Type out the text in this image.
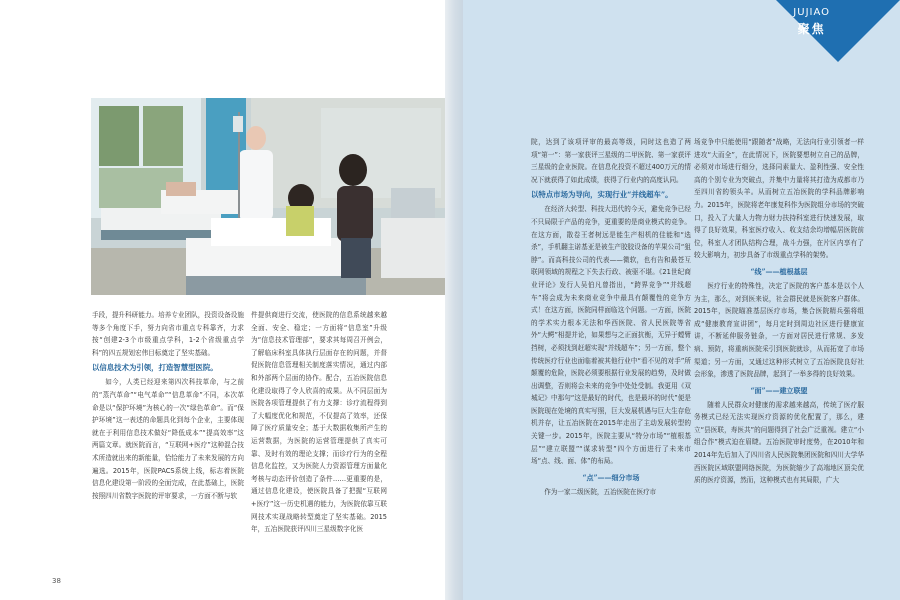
手段，提升科研能力。培养专业团队，投资设备设施等多个角度下手，努力向省市重点专科靠齐，力求按“创建2-3个市级重点学科，1-2个省级重点学科”的四五规划宏伟目标奠定了坚实基础。

以信息技术为引领，打造智慧型医院。

如今，人类已经迎来第四次科技革命，与之前的“蒸汽革命”“电气革命”“信息革命”不同，本次革命是以“保护环境”为核心的一次“绿色革命”。而“保护环境”这一表述的命题具化到每个企业，主要体现就在于利用信息技术做好“降低成本”“提高效率”这两篇文章。就医院而言，“互联网+医疗”这种混合技术所造就出来的新能量，恰恰能力了未来发展的方向遍选。2015年，医院PACS系统上线，标志着医院信息化建设第一阶段的全面完成，在此基础上，医院按照四川省数字医院的评审要求，一方面不断与软

件提供商进行交流，使医院的信息系统越来越全面、安全、稳定；一方面将“信息室”升级为“信息技术管理部”，要求其每周召开例会，了解临床科室具体执行层面存在的问题，并督促医院信息管理相关制度落实情况，通过内部和外部两个层面的协作。配合，五冶医院信息化建设取得了令人欣喜的成果。从不同层面为医院各项管理提供了有力支撑：诊疗流程得到了大幅度优化和规范，不仅提高了效率，还保障了医疗质量安全；基于大数据收集所产生的运营数据，为医院的运营管理提供了真实可靠、及时有效的理论支撑；而诊疗行为的全程信息化监控，又为医院人力资源管理方面量化考核与动态评价创造了条件……更重要的是，通过信息化建设，使医院具备了把握“互联网+医疗”这一历史机遇的能力，为医院依靠互联网技术实现战略转型奠定了坚实基础。2015年，五冶医院获评四川三星级数字化医

38
JUJIAO
聚焦

院，达到了该项评审的最高等级，同时这也造了两项“第一”：第一家获评三星级的二甲医院、第一家获评三星级的企业医院。在信息化投资不超过400万元的情况下就获得了如此成绩，获得了行业内的高度认同。

以特点市场为导向，实现行业“并线超车”。

在经济大转型、科技大迅代的今天，避免竞争已经不只局限于产品的竞争，更重要的是商业模式的竞争。在这方面，散卷王者树远是能生产相机的佳能和“选杀”，手机翻主诺基亚是被生产胶胶设备的苹果公司“狙脖”。而高科技公司的代表——微软，也有告和最苍互联网领域的规程之下失去行政、被驱不堪。《21世纪商业评论》发行人吴伯凡曾指出，“跨界竞争”“并线超车”将会成为未来商业竞争中最具有颠覆性的竞争方式！在这方面，医院同样面临这个问题。一方面，医院的学术实力根本无法和华西医院、省人民医院等省外“大鳄”相提并论，如果想与之正面抗衡，无异于螳臂挡树，必须找到赶超实现“并线超车”；另一方面，整个传统医疗行业也面临着被其他行业中“看不见的对手”所颠覆的危险，医院必须要根据行业发展的趋势，及时做出调整，否则将会未来的竞争中处处受制。我更用《双城记》中那句“这是最好的时代，也是最坏的时代”便是医院现在处境的真实写照，巨大发展机遇与巨大生存危机并存，让五冶医院在2015年走出了主动发展转型的关键一步。2015年，医院主要从“特分市场”“植根基层”“建立联盟”“谋求转型”四个方面进行了未来市场“点、线、面、体”的布局。

“点”——细分市场

作为一家二级医院，五冶医院在医疗市

场竞争中只能使用“跟随者”战略，无法向行业引领者一样进攻“大而全”，在此情况下，医院要想树立自己的品牌，必须对市场进行细分，选择同素量大、盈利性强、安全性高的个别专业为突破点，并集中力量将其打造为成都市乃至四川省的领头羊。从而树立五冶医院的学科品牌影响力。2015年，医院将老年康复科作为医院组分市场的突破口，投入了大量人力物力财力扶持科室进行快速发展，取得了良好效果，科室医疗收入、收支结余均增幅居医院前位，科室人才团队结构合理，战斗力强，在片区内享有了较大影响力，初步具备了市级重点学科的架势。

“线”——植根基层

医疗行业的特殊性，决定了医院的客户基本是以个人为主，那么，对到医来说，社会群民就是医院客户群体。2015年，医院瞄准基层医疗市场，集合医院精兵强将组成“健康教育宣讲团”，每月定时到周边社区进行健康宣讲，不断延伸服务链条，一方面对居民进行常规、多发病、预防，将重病医院采引到医院就诊，从而拓宽了市场渠道；另一方面，又通过这种形式树立了五冶医院良好社会形象，渗透了医院品牌，起到了一举多得的良好效果。

“面”——建立联盟

随着人民群众对健康的需求越来越高，传统了医疗服务模式已经无法实现医疗资源的优化配置了，那么，建立“县医联，寿医共”的问题得到了社会广泛重视。建立“小组合作”模式迫在眉睫。五冶医院审时度势，在2010年和2014年先后加入了四川省人民医院集团医院和四川大学华西医院区域联盟网络医院，为医院缩少了高端地区顶尖优质的医疗资源，然而，这种模式也有其局限，广大
